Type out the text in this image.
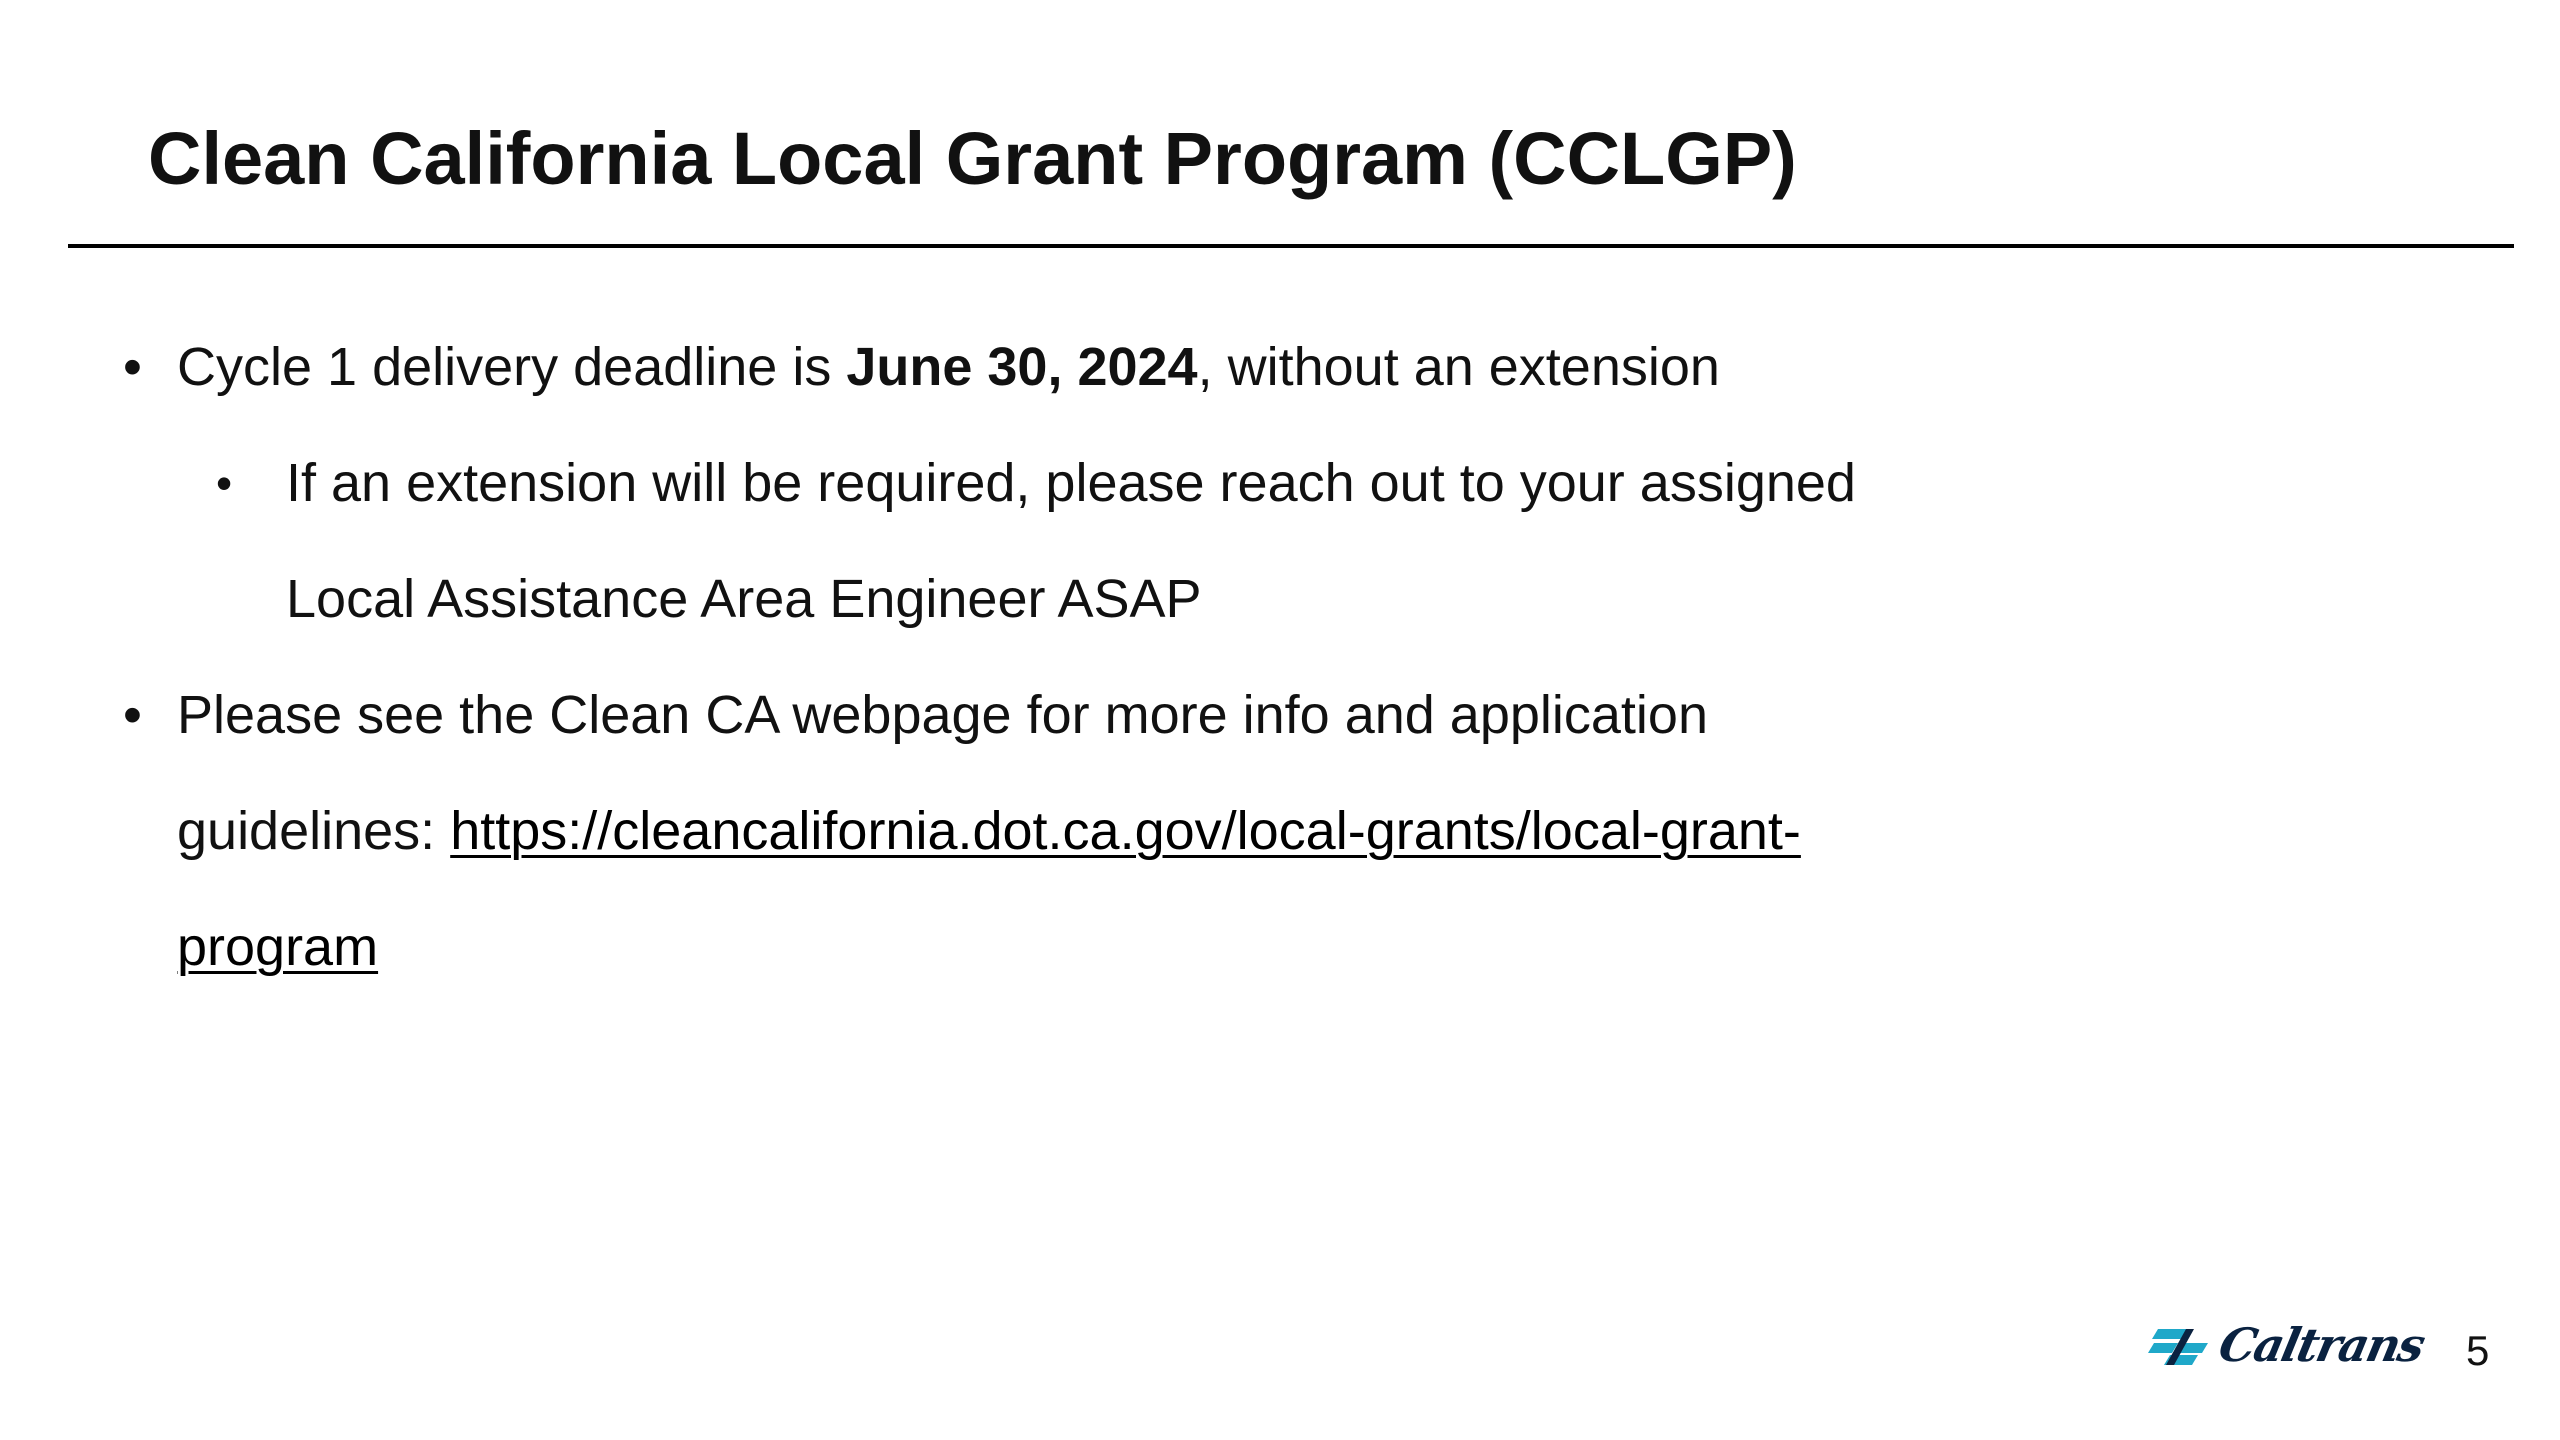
Clean California Local Grant Program (CCLGP)
• Cycle 1 delivery deadline is June 30, 2024, without an extension
• If an extension will be required, please reach out to your assigned
Local Assistance Area Engineer ASAP
• Please see the Clean CA webpage for more info and application
guidelines: https://cleancalifornia.dot.ca.gov/local-grants/local-grant-
program
Caltrans 5
